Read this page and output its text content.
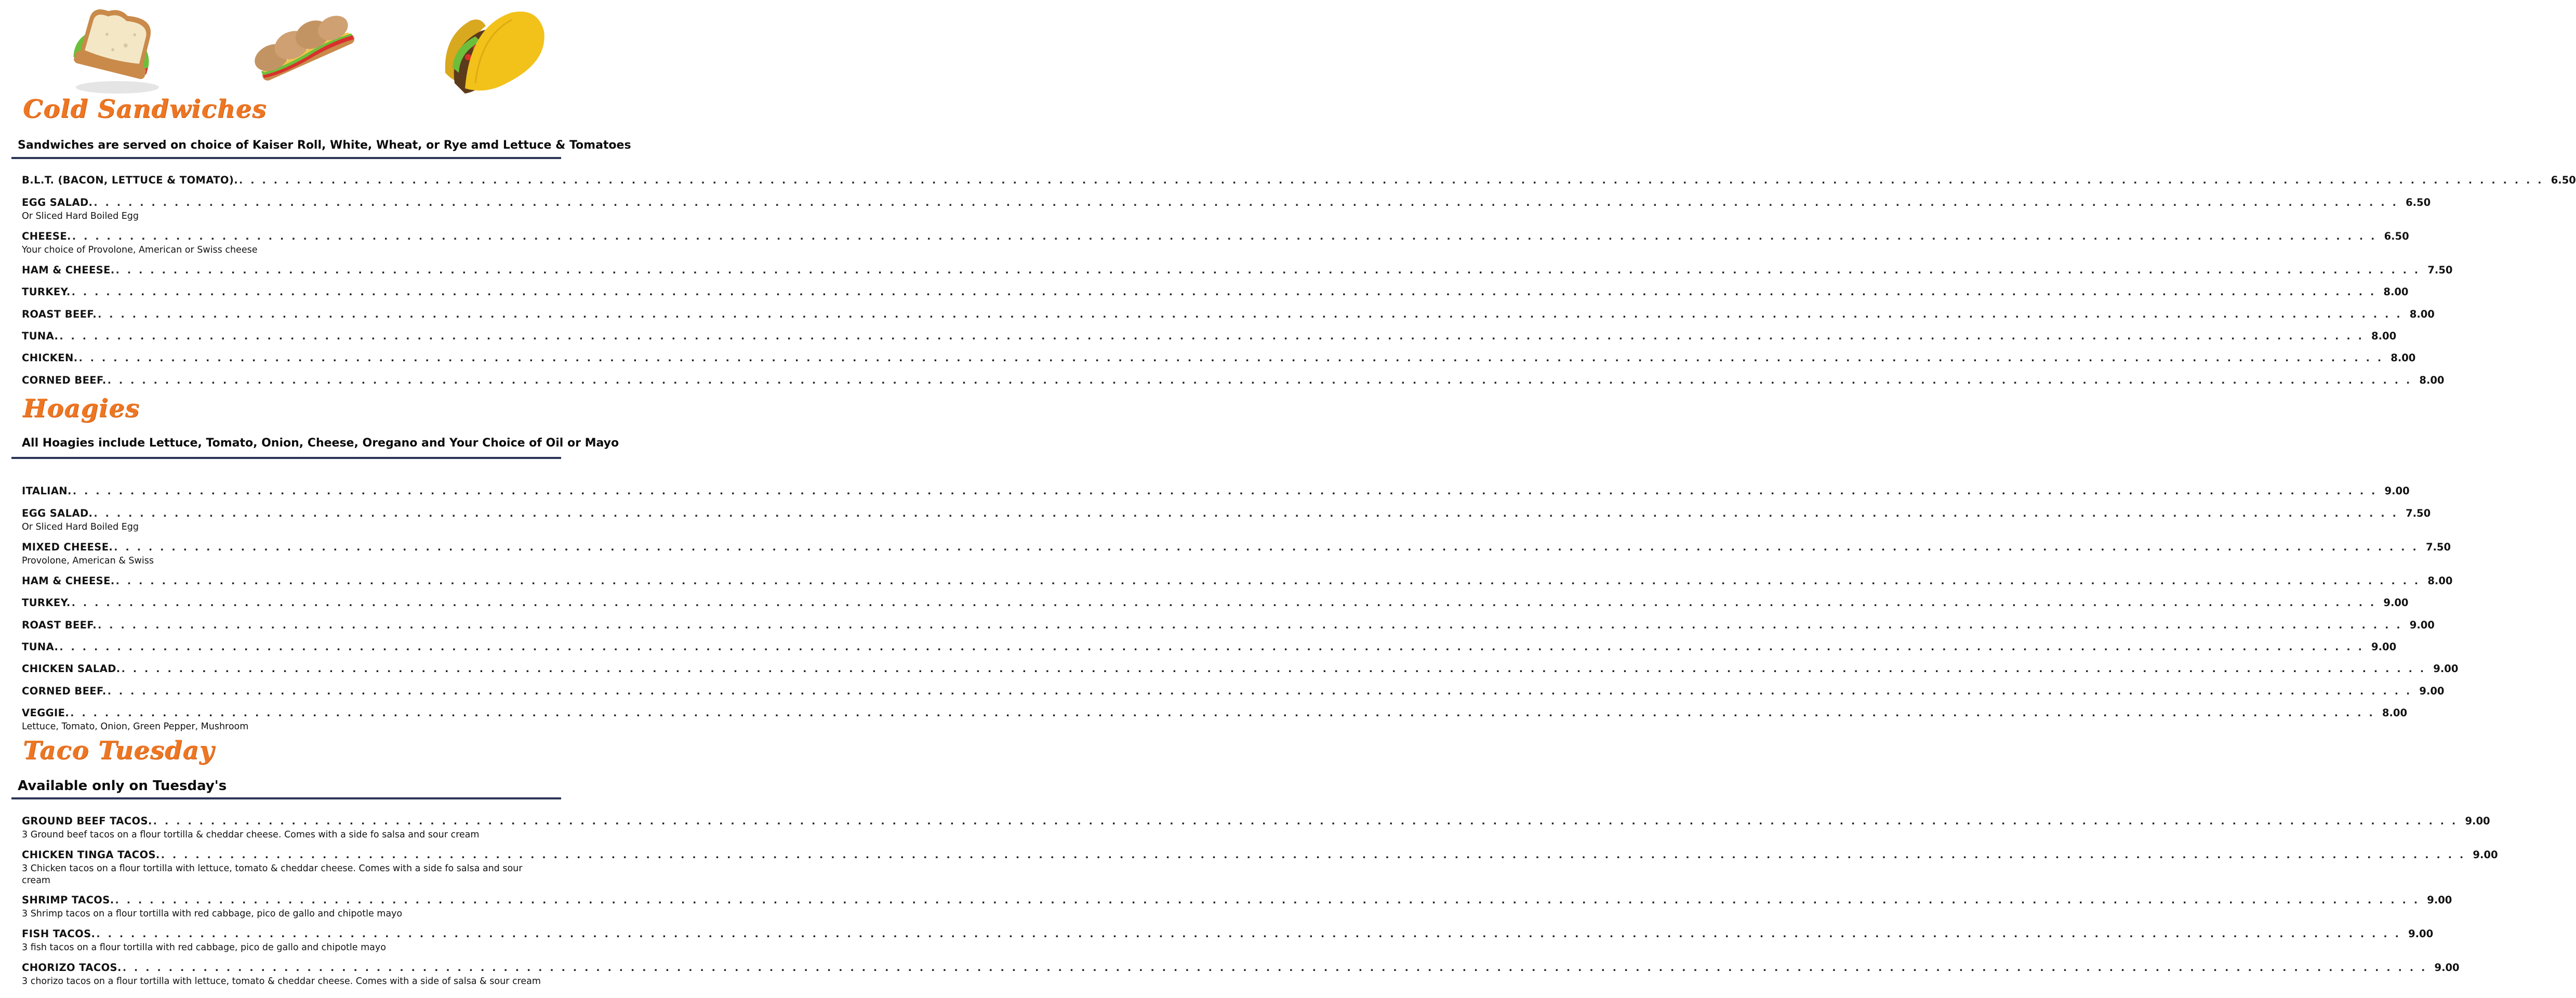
Cold Sandwiches

Sandwiches are served on choice of Kaiser Roll, White, Wheat, or Rye amd Lettuce & Tomatoes

B.L.T. (BACON, LETTUCE & TOMATO). . . . . . . . . . . . . . . . . . . . . . . . . . . . . . . . . . . . . . . . . . . . . . . . . . . . . . . . . . . . . . . . . . . . . . . . . . . . . . . . . . . . . . . . . . . . . . . . . . . . . . . . . . . . . . . . . . . . . . . . . . . . . . . . . . . . . . . . . . . . . . . . . . . . . . . . . . . . . . . . . . . . . . . . . . . . . . . . . . . . . . . . . . . . . . . . . . . . . . . . . 6.50
EGG SALAD. . . . . . . . . . . . . . . . . . . . . . . . . . . . . . . . . . . . . . . . . . . . . . . . . . . . . . . . . . . . . . . . . . . . . . . . . . . . . . . . . . . . . . . . . . . . . . . . . . . . . . . . . . . . . . . . . . . . . . . . . . . . . . . . . . . . . . . . . . . . . . . . . . . . . . . . . . . . . . . . . . . . . . . . . . . . . . . . . . . . . . . . . . . . . . . . . . . . . . . . . 6.50
Or Sliced Hard Boiled Egg
CHEESE. . . . . . . . . . . . . . . . . . . . . . . . . . . . . . . . . . . . . . . . . . . . . . . . . . . . . . . . . . . . . . . . . . . . . . . . . . . . . . . . . . . . . . . . . . . . . . . . . . . . . . . . . . . . . . . . . . . . . . . . . . . . . . . . . . . . . . . . . . . . . . . . . . . . . . . . . . . . . . . . . . . . . . . . . . . . . . . . . . . . . . . . . . . . . . . . . . . . . . . . . 6.50
Your choice of Provolone, American or Swiss cheese
HAM & CHEESE. . . . . . . . . . . . . . . . . . . . . . . . . . . . . . . . . . . . . . . . . . . . . . . . . . . . . . . . . . . . . . . . . . . . . . . . . . . . . . . . . . . . . . . . . . . . . . . . . . . . . . . . . . . . . . . . . . . . . . . . . . . . . . . . . . . . . . . . . . . . . . . . . . . . . . . . . . . . . . . . . . . . . . . . . . . . . . . . . . . . . . . . . . . . . . . . . . . . . . . . . 7.50
TURKEY. . . . . . . . . . . . . . . . . . . . . . . . . . . . . . . . . . . . . . . . . . . . . . . . . . . . . . . . . . . . . . . . . . . . . . . . . . . . . . . . . . . . . . . . . . . . . . . . . . . . . . . . . . . . . . . . . . . . . . . . . . . . . . . . . . . . . . . . . . . . . . . . . . . . . . . . . . . . . . . . . . . . . . . . . . . . . . . . . . . . . . . . . . . . . . . . . . . . . . . . . 8.00
ROAST BEEF. . . . . . . . . . . . . . . . . . . . . . . . . . . . . . . . . . . . . . . . . . . . . . . . . . . . . . . . . . . . . . . . . . . . . . . . . . . . . . . . . . . . . . . . . . . . . . . . . . . . . . . . . . . . . . . . . . . . . . . . . . . . . . . . . . . . . . . . . . . . . . . . . . . . . . . . . . . . . . . . . . . . . . . . . . . . . . . . . . . . . . . . . . . . . . . . . . . . . . . . . 8.00
TUNA. . . . . . . . . . . . . . . . . . . . . . . . . . . . . . . . . . . . . . . . . . . . . . . . . . . . . . . . . . . . . . . . . . . . . . . . . . . . . . . . . . . . . . . . . . . . . . . . . . . . . . . . . . . . . . . . . . . . . . . . . . . . . . . . . . . . . . . . . . . . . . . . . . . . . . . . . . . . . . . . . . . . . . . . . . . . . . . . . . . . . . . . . . . . . . . . . . . . . . . . . 8.00
CHICKEN. . . . . . . . . . . . . . . . . . . . . . . . . . . . . . . . . . . . . . . . . . . . . . . . . . . . . . . . . . . . . . . . . . . . . . . . . . . . . . . . . . . . . . . . . . . . . . . . . . . . . . . . . . . . . . . . . . . . . . . . . . . . . . . . . . . . . . . . . . . . . . . . . . . . . . . . . . . . . . . . . . . . . . . . . . . . . . . . . . . . . . . . . . . . . . . . . . . . . . . . . 8.00
CORNED BEEF. . . . . . . . . . . . . . . . . . . . . . . . . . . . . . . . . . . . . . . . . . . . . . . . . . . . . . . . . . . . . . . . . . . . . . . . . . . . . . . . . . . . . . . . . . . . . . . . . . . . . . . . . . . . . . . . . . . . . . . . . . . . . . . . . . . . . . . . . . . . . . . . . . . . . . . . . . . . . . . . . . . . . . . . . . . . . . . . . . . . . . . . . . . . . . . . . . . . . . . . . 8.00
Hoagies

All Hoagies include Lettuce, Tomato, Onion, Cheese, Oregano and Your Choice of Oil or Mayo

ITALIAN. . . . . . . . . . . . . . . . . . . . . . . . . . . . . . . . . . . . . . . . . . . . . . . . . . . . . . . . . . . . . . . . . . . . . . . . . . . . . . . . . . . . . . . . . . . . . . . . . . . . . . . . . . . . . . . . . . . . . . . . . . . . . . . . . . . . . . . . . . . . . . . . . . . . . . . . . . . . . . . . . . . . . . . . . . . . . . . . . . . . . . . . . . . . . . . . . . . . . . . . . 9.00
EGG SALAD. . . . . . . . . . . . . . . . . . . . . . . . . . . . . . . . . . . . . . . . . . . . . . . . . . . . . . . . . . . . . . . . . . . . . . . . . . . . . . . . . . . . . . . . . . . . . . . . . . . . . . . . . . . . . . . . . . . . . . . . . . . . . . . . . . . . . . . . . . . . . . . . . . . . . . . . . . . . . . . . . . . . . . . . . . . . . . . . . . . . . . . . . . . . . . . . . . . . . . . . . 7.50
Or Sliced Hard Boiled Egg
MIXED CHEESE. . . . . . . . . . . . . . . . . . . . . . . . . . . . . . . . . . . . . . . . . . . . . . . . . . . . . . . . . . . . . . . . . . . . . . . . . . . . . . . . . . . . . . . . . . . . . . . . . . . . . . . . . . . . . . . . . . . . . . . . . . . . . . . . . . . . . . . . . . . . . . . . . . . . . . . . . . . . . . . . . . . . . . . . . . . . . . . . . . . . . . . . . . . . . . . . . . . . . . . . . 7.50
Provolone, American & Swiss
HAM & CHEESE. . . . . . . . . . . . . . . . . . . . . . . . . . . . . . . . . . . . . . . . . . . . . . . . . . . . . . . . . . . . . . . . . . . . . . . . . . . . . . . . . . . . . . . . . . . . . . . . . . . . . . . . . . . . . . . . . . . . . . . . . . . . . . . . . . . . . . . . . . . . . . . . . . . . . . . . . . . . . . . . . . . . . . . . . . . . . . . . . . . . . . . . . . . . . . . . . . . . . . . . . 8.00
TURKEY. . . . . . . . . . . . . . . . . . . . . . . . . . . . . . . . . . . . . . . . . . . . . . . . . . . . . . . . . . . . . . . . . . . . . . . . . . . . . . . . . . . . . . . . . . . . . . . . . . . . . . . . . . . . . . . . . . . . . . . . . . . . . . . . . . . . . . . . . . . . . . . . . . . . . . . . . . . . . . . . . . . . . . . . . . . . . . . . . . . . . . . . . . . . . . . . . . . . . . . . . 9.00
ROAST BEEF. . . . . . . . . . . . . . . . . . . . . . . . . . . . . . . . . . . . . . . . . . . . . . . . . . . . . . . . . . . . . . . . . . . . . . . . . . . . . . . . . . . . . . . . . . . . . . . . . . . . . . . . . . . . . . . . . . . . . . . . . . . . . . . . . . . . . . . . . . . . . . . . . . . . . . . . . . . . . . . . . . . . . . . . . . . . . . . . . . . . . . . . . . . . . . . . . . . . . . . . . 9.00
TUNA. . . . . . . . . . . . . . . . . . . . . . . . . . . . . . . . . . . . . . . . . . . . . . . . . . . . . . . . . . . . . . . . . . . . . . . . . . . . . . . . . . . . . . . . . . . . . . . . . . . . . . . . . . . . . . . . . . . . . . . . . . . . . . . . . . . . . . . . . . . . . . . . . . . . . . . . . . . . . . . . . . . . . . . . . . . . . . . . . . . . . . . . . . . . . . . . . . . . . . . . . 9.00
CHICKEN SALAD. . . . . . . . . . . . . . . . . . . . . . . . . . . . . . . . . . . . . . . . . . . . . . . . . . . . . . . . . . . . . . . . . . . . . . . . . . . . . . . . . . . . . . . . . . . . . . . . . . . . . . . . . . . . . . . . . . . . . . . . . . . . . . . . . . . . . . . . . . . . . . . . . . . . . . . . . . . . . . . . . . . . . . . . . . . . . . . . . . . . . . . . . . . . . . . . . . . . . . . . . 9.00
CORNED BEEF. . . . . . . . . . . . . . . . . . . . . . . . . . . . . . . . . . . . . . . . . . . . . . . . . . . . . . . . . . . . . . . . . . . . . . . . . . . . . . . . . . . . . . . . . . . . . . . . . . . . . . . . . . . . . . . . . . . . . . . . . . . . . . . . . . . . . . . . . . . . . . . . . . . . . . . . . . . . . . . . . . . . . . . . . . . . . . . . . . . . . . . . . . . . . . . . . . . . . . . . . 9.00
VEGGIE. . . . . . . . . . . . . . . . . . . . . . . . . . . . . . . . . . . . . . . . . . . . . . . . . . . . . . . . . . . . . . . . . . . . . . . . . . . . . . . . . . . . . . . . . . . . . . . . . . . . . . . . . . . . . . . . . . . . . . . . . . . . . . . . . . . . . . . . . . . . . . . . . . . . . . . . . . . . . . . . . . . . . . . . . . . . . . . . . . . . . . . . . . . . . . . . . . . . . . . . . 8.00
Lettuce, Tomato, Onion, Green Pepper, Mushroom
Taco Tuesday

Available only on Tuesday's

GROUND BEEF TACOS. . . . . . . . . . . . . . . . . . . . . . . . . . . . . . . . . . . . . . . . . . . . . . . . . . . . . . . . . . . . . . . . . . . . . . . . . . . . . . . . . . . . . . . . . . . . . . . . . . . . . . . . . . . . . . . . . . . . . . . . . . . . . . . . . . . . . . . . . . . . . . . . . . . . . . . . . . . . . . . . . . . . . . . . . . . . . . . . . . . . . . . . . . . . . . . . . . . . . . . . . 9.00
3 Ground beef tacos on a flour tortilla & cheddar cheese. Comes with a side fo salsa and sour cream
CHICKEN TINGA TACOS. . . . . . . . . . . . . . . . . . . . . . . . . . . . . . . . . . . . . . . . . . . . . . . . . . . . . . . . . . . . . . . . . . . . . . . . . . . . . . . . . . . . . . . . . . . . . . . . . . . . . . . . . . . . . . . . . . . . . . . . . . . . . . . . . . . . . . . . . . . . . . . . . . . . . . . . . . . . . . . . . . . . . . . . . . . . . . . . . . . . . . . . . . . . . . . . . . . . . . . . . 9.00
3 Chicken tacos on a flour tortilla with lettuce, tomato & cheddar cheese. Comes with a side fo salsa and sour cream
SHRIMP TACOS. . . . . . . . . . . . . . . . . . . . . . . . . . . . . . . . . . . . . . . . . . . . . . . . . . . . . . . . . . . . . . . . . . . . . . . . . . . . . . . . . . . . . . . . . . . . . . . . . . . . . . . . . . . . . . . . . . . . . . . . . . . . . . . . . . . . . . . . . . . . . . . . . . . . . . . . . . . . . . . . . . . . . . . . . . . . . . . . . . . . . . . . . . . . . . . . . . . . . . . . . 9.00
3 Shrimp tacos on a flour tortilla with red cabbage, pico de gallo and chipotle mayo
FISH TACOS. . . . . . . . . . . . . . . . . . . . . . . . . . . . . . . . . . . . . . . . . . . . . . . . . . . . . . . . . . . . . . . . . . . . . . . . . . . . . . . . . . . . . . . . . . . . . . . . . . . . . . . . . . . . . . . . . . . . . . . . . . . . . . . . . . . . . . . . . . . . . . . . . . . . . . . . . . . . . . . . . . . . . . . . . . . . . . . . . . . . . . . . . . . . . . . . . . . . . . . . . 9.00
3 fish tacos on a flour tortilla with red cabbage, pico de gallo and chipotle mayo
CHORIZO TACOS. . . . . . . . . . . . . . . . . . . . . . . . . . . . . . . . . . . . . . . . . . . . . . . . . . . . . . . . . . . . . . . . . . . . . . . . . . . . . . . . . . . . . . . . . . . . . . . . . . . . . . . . . . . . . . . . . . . . . . . . . . . . . . . . . . . . . . . . . . . . . . . . . . . . . . . . . . . . . . . . . . . . . . . . . . . . . . . . . . . . . . . . . . . . . . . . . . . . . . . . . 9.00
3 chorizo tacos on a flour tortilla with lettuce, tomato & cheddar cheese. Comes with a side of salsa & sour cream
